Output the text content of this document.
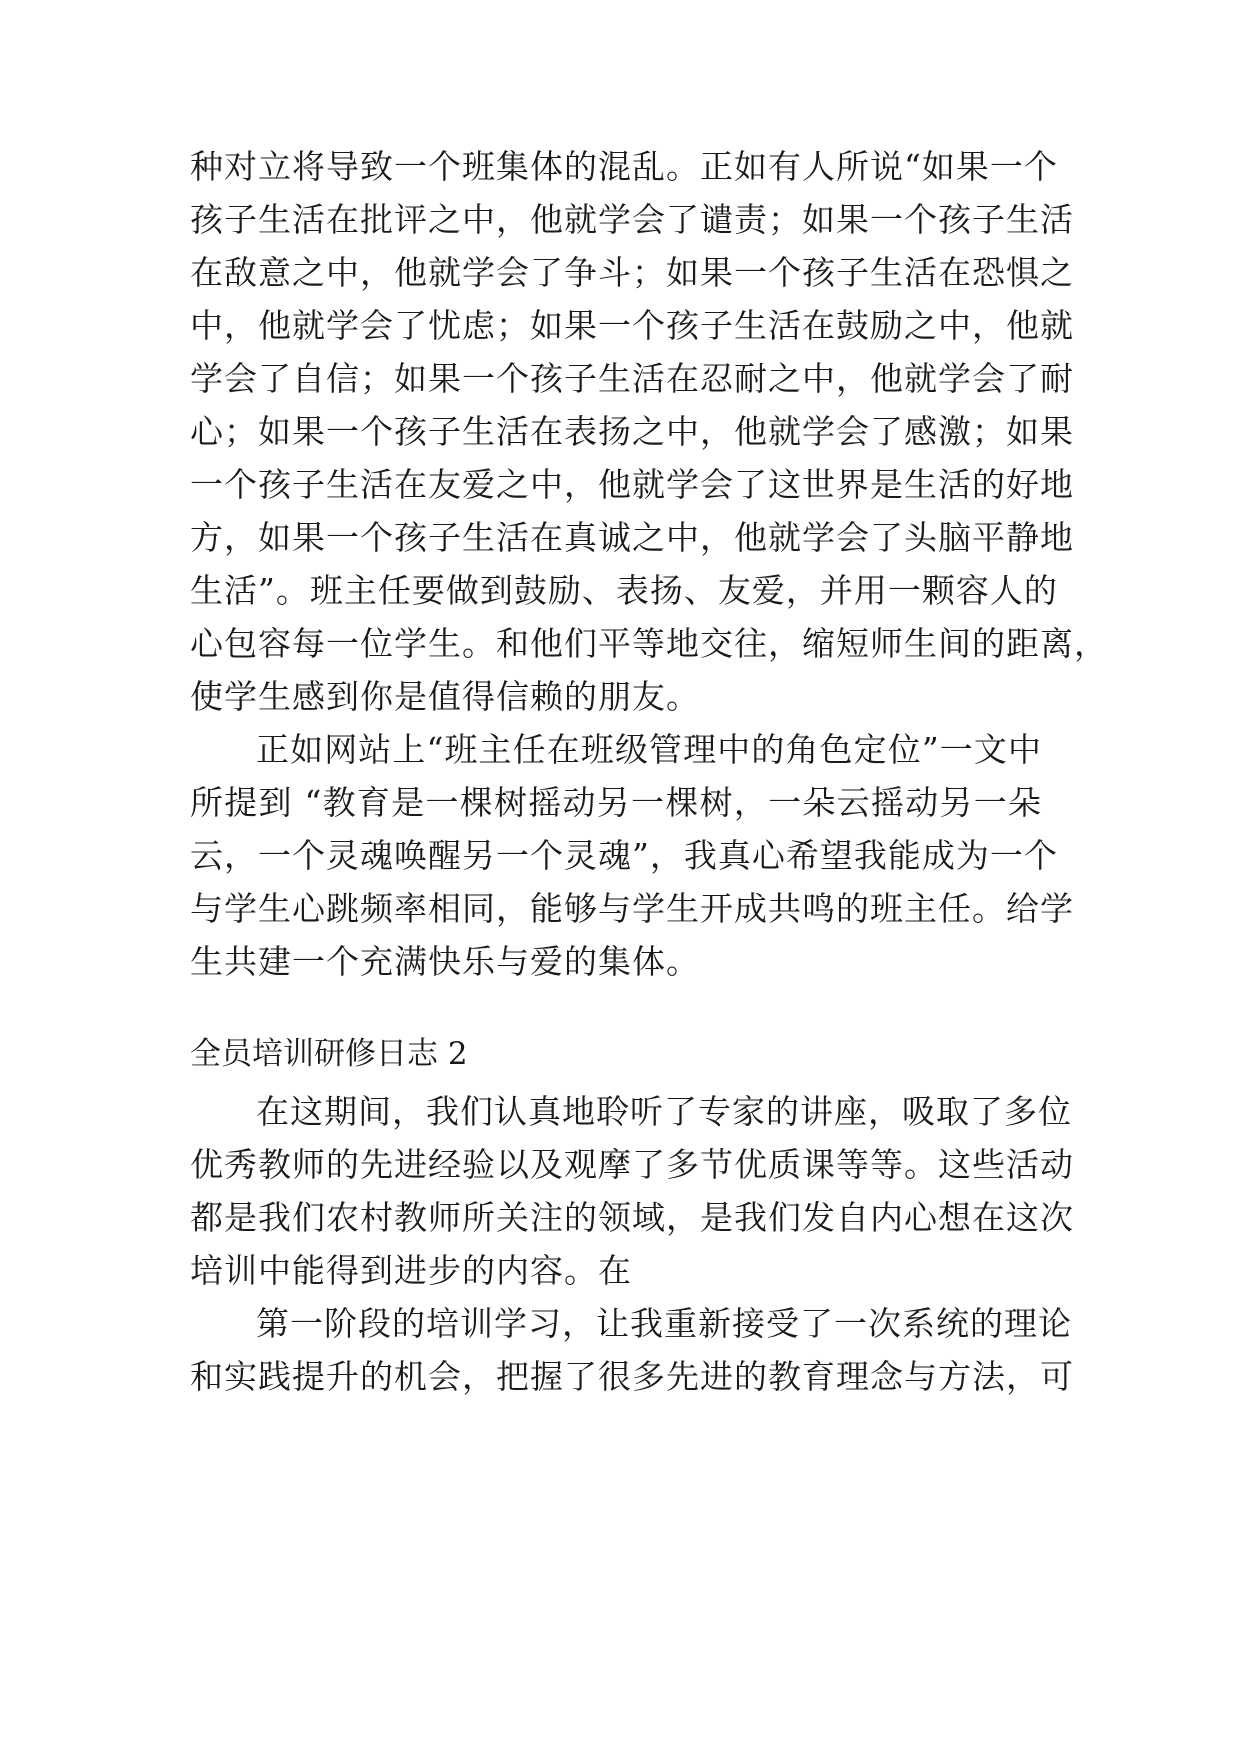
种对立将导致一个班集体的混乱。正如有人所说“如果一个
孩子生活在批评之中，他就学会了谴责；如果一个孩子生活
在敌意之中，他就学会了争斗；如果一个孩子生活在恐惧之
中，他就学会了忧虑；如果一个孩子生活在鼓励之中，他就
学会了自信；如果一个孩子生活在忍耐之中，他就学会了耐
心；如果一个孩子生活在表扬之中，他就学会了感激；如果
一个孩子生活在友爱之中，他就学会了这世界是生活的好地
方，如果一个孩子生活在真诚之中，他就学会了头脑平静地
生活”。班主任要做到鼓励、表扬、友爱，并用一颗容人的
心包容每一位学生。和他们平等地交往，缩短师生间的距离，
使学生感到你是值得信赖的朋友。
正如网站上“班主任在班级管理中的角色定位”一文中
所提到 “教育是一棵树摇动另一棵树，一朵云摇动另一朵
云，一个灵魂唤醒另一个灵魂”，我真心希望我能成为一个
与学生心跳频率相同，能够与学生开成共鸣的班主任。给学
生共建一个充满快乐与爱的集体。
全员培训研修日志 2
在这期间，我们认真地聆听了专家的讲座，吸取了多位
优秀教师的先进经验以及观摩了多节优质课等等。这些活动
都是我们农村教师所关注的领域，是我们发自内心想在这次
培训中能得到进步的内容。在
第一阶段的培训学习，让我重新接受了一次系统的理论
和实践提升的机会，把握了很多先进的教育理念与方法，可
